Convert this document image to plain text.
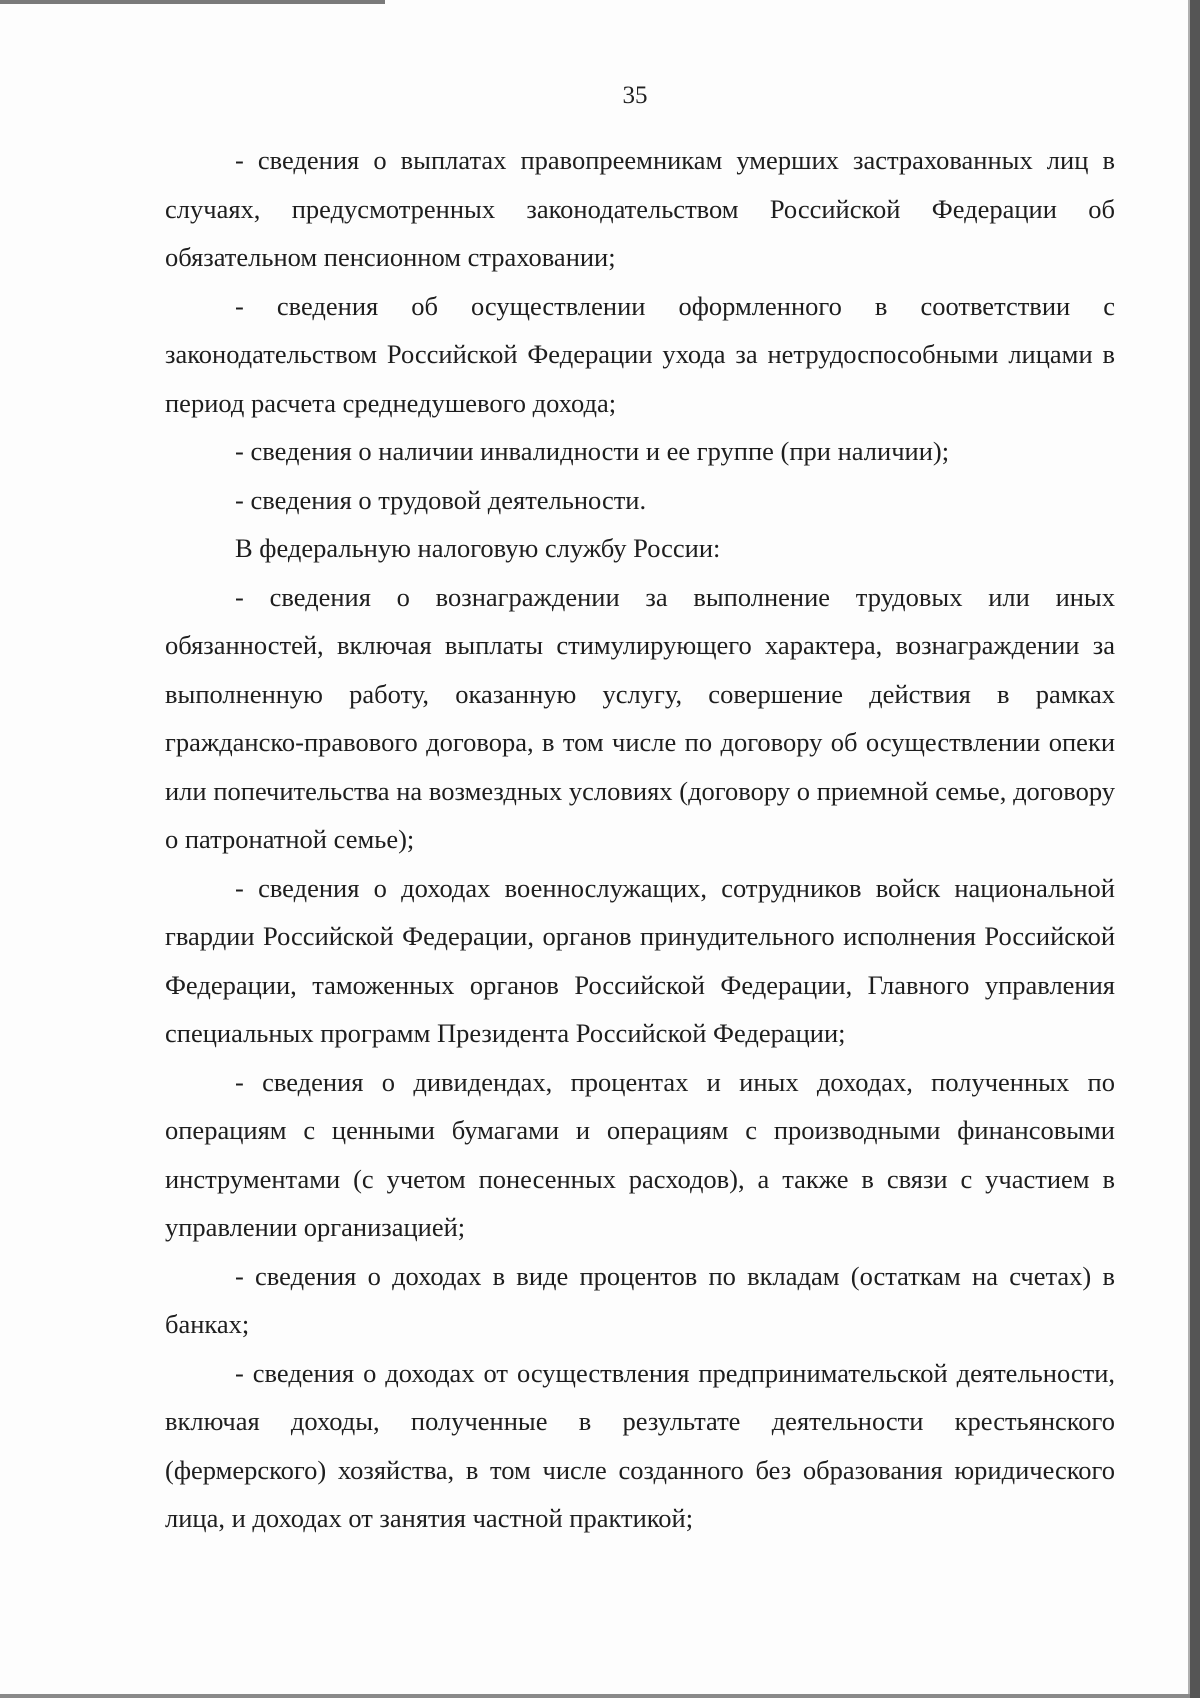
35

- сведения о выплатах правопреемникам умерших застрахованных лиц в случаях, предусмотренных законодательством Российской Федерации об обязательном пенсионном страховании;

- сведения об осуществлении оформленного в соответствии с законодательством Российской Федерации ухода за нетрудоспособными лицами в период расчета среднедушевого дохода;

- сведения о наличии инвалидности и ее группе (при наличии);

- сведения о трудовой деятельности.

В федеральную налоговую службу России:

- сведения о вознаграждении за выполнение трудовых или иных обязанностей, включая выплаты стимулирующего характера, вознаграждении за выполненную работу, оказанную услугу, совершение действия в рамках гражданско-правового договора, в том числе по договору об осуществлении опеки или попечительства на возмездных условиях (договору о приемной семье, договору о патронатной семье);

- сведения о доходах военнослужащих, сотрудников войск национальной гвардии Российской Федерации, органов принудительного исполнения Российской Федерации, таможенных органов Российской Федерации, Главного управления специальных программ Президента Российской Федерации;

- сведения о дивидендах, процентах и иных доходах, полученных по операциям с ценными бумагами и операциям с производными финансовыми инструментами (с учетом понесенных расходов), а также в связи с участием в управлении организацией;

- сведения о доходах в виде процентов по вкладам (остаткам на счетах) в банках;

- сведения о доходах от осуществления предпринимательской деятельности, включая доходы, полученные в результате деятельности крестьянского (фермерского) хозяйства, в том числе созданного без образования юридического лица, и доходах от занятия частной практикой;
